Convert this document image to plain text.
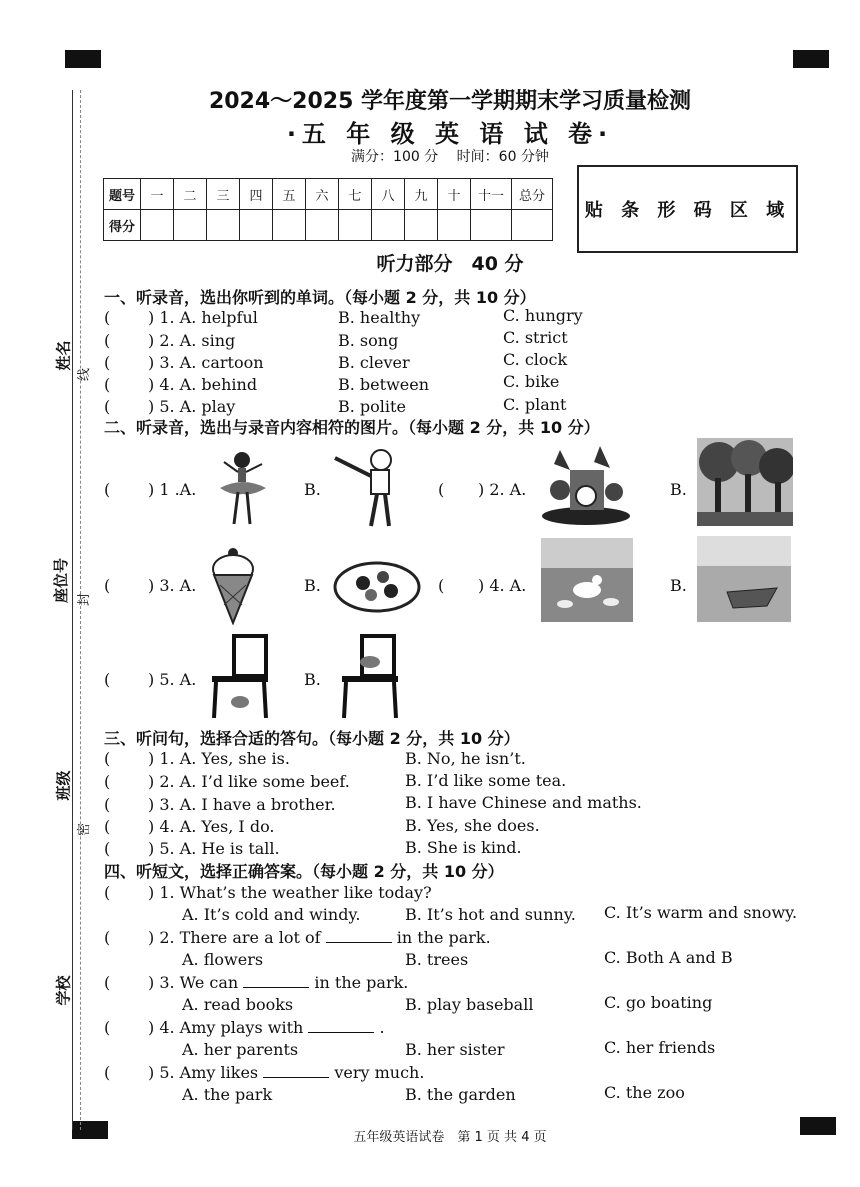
姓名
座位号
班级
学校
线
封
密
2024～2025 学年度第一学期期末学习质量检测
·五 年 级 英 语 试 卷·
满分：100 分　 时间：60 分钟
题号	一	二	三	四	五	六	七	八	九	十	十一	总分
得分												
贴 条 形 码 区 域
听力部分　40 分
一、听录音，选出你听到的单词。（每小题 2 分，共 10 分）
( ) 1. A. helpful	B. healthy	C. hungry
( ) 2. A. sing	B. song	C. strict
( ) 3. A. cartoon	B. clever	C. clock
( ) 4. A. behind	B. between	C. bike
( ) 5. A. play	B. polite	C. plant
二、听录音，选出与录音内容相符的图片。（每小题 2 分，共 10 分）
( ) 1 .A.	B.	( ) 2. A.	B.
( ) 3. A.	B.	( ) 4. A.	B.
( ) 5. A.	B.
三、听问句，选择合适的答句。（每小题 2 分，共 10 分）
( ) 1. A. Yes, she is.	B. No, he isn’t.
( ) 2. A. I’d like some beef.	B. I’d like some tea.
( ) 3. A. I have a brother.	B. I have Chinese and maths.
( ) 4. A. Yes, I do.	B. Yes, she does.
( ) 5. A. He is tall.	B. She is kind.
四、听短文，选择正确答案。（每小题 2 分，共 10 分）
( ) 1. What’s the weather like today?
A. It’s cold and windy.	B. It’s hot and sunny. C. It’s warm and snowy.
( ) 2. There are a lot of	in the park.
A. flowers	B. trees	C. Both A and B
( ) 3. We can	in the park.
A. read books	B. play baseball	C. go boating
( ) 4. Amy plays with	.
A. her parents	B. her sister	C. her friends
( ) 5. Amy likes	very much.
A. the park	B. the garden	C. the zoo
五年级英语试卷　第 1 页 共 4 页
